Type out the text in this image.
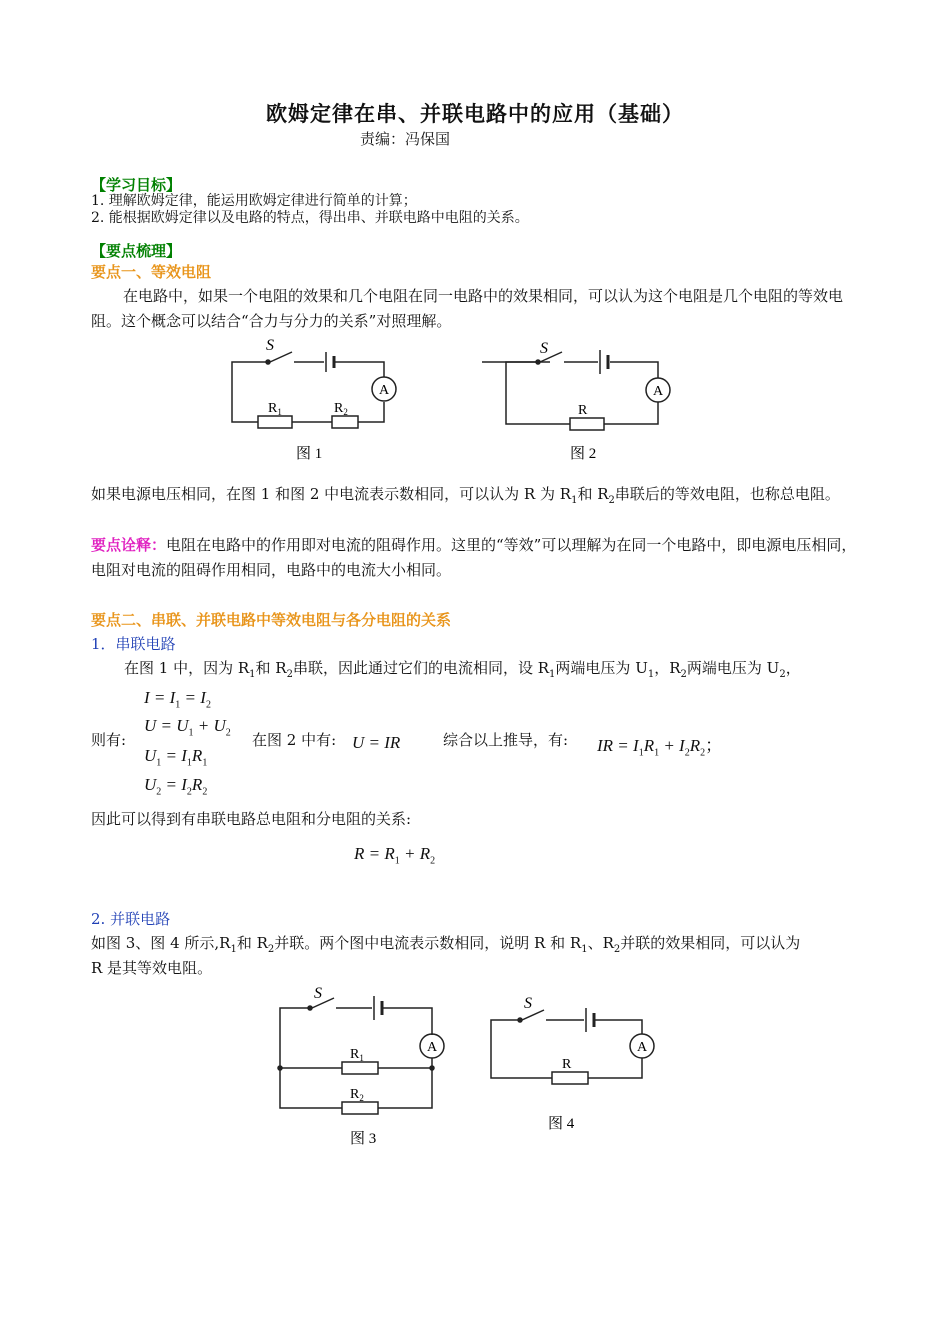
欧姆定律在串、并联电路中的应用（基础）
责编：冯保国
【学习目标】
1. 理解欧姆定律，能运用欧姆定律进行简单的计算；
2. 能根据欧姆定律以及电路的特点，得出串、并联电路中电阻的关系。
【要点梳理】
要点一、等效电阻
在电路中，如果一个电阻的效果和几个电阻在同一电路中的效果相同，可以认为这个电阻是几个电阻的等效电阻。这个概念可以结合“合力与分力的关系”对照理解。
S
A
$R_1$	$R_2$
图 1
S
A
R
图 2
如果电源电压相同，在图 1 和图 2 中电流表示数相同，可以认为 R 为 $R_1$和 $R_2$串联后的等效电阻，也称总电阻。
要点诠释：电阻在电路中的作用即对电流的阻碍作用。这里的“等效”可以理解为在同一个电路中，即电源电压相同，电阻对电流的阻碍作用相同，电路中的电流大小相同。
要点二、串联、并联电路中等效电阻与各分电阻的关系
1．串联电路
在图 1 中，因为 $R_1$和 $R_2$串联，因此通过它们的电流相同，设 $R_1$两端电压为 $U_1$，$R_2$两端电压为 $U_2$，
则有:
$I = I_1 = I_2$
$U = U_1 + U_2$
$U_1 = I_1R_1$
$U_2 = I_2R_2$
在图 2 中有: U = IR	综合以上推导，有: IR = $I_1R_1 + I_2R_2$；
因此可以得到有串联电路总电阻和分电阻的关系:
$R = R_1 + R_2$
2. 并联电路
如图 3、图 4 所示$,R_1$和 $R_2$并联。两个图中电流表示数相同，说明 R 和 $R_1$、$R_2$并联的效果相同，可以认为
R 是其等效电阻。
S
A
$R_1$
$R_2$
图 3
S
A
R
图 4
